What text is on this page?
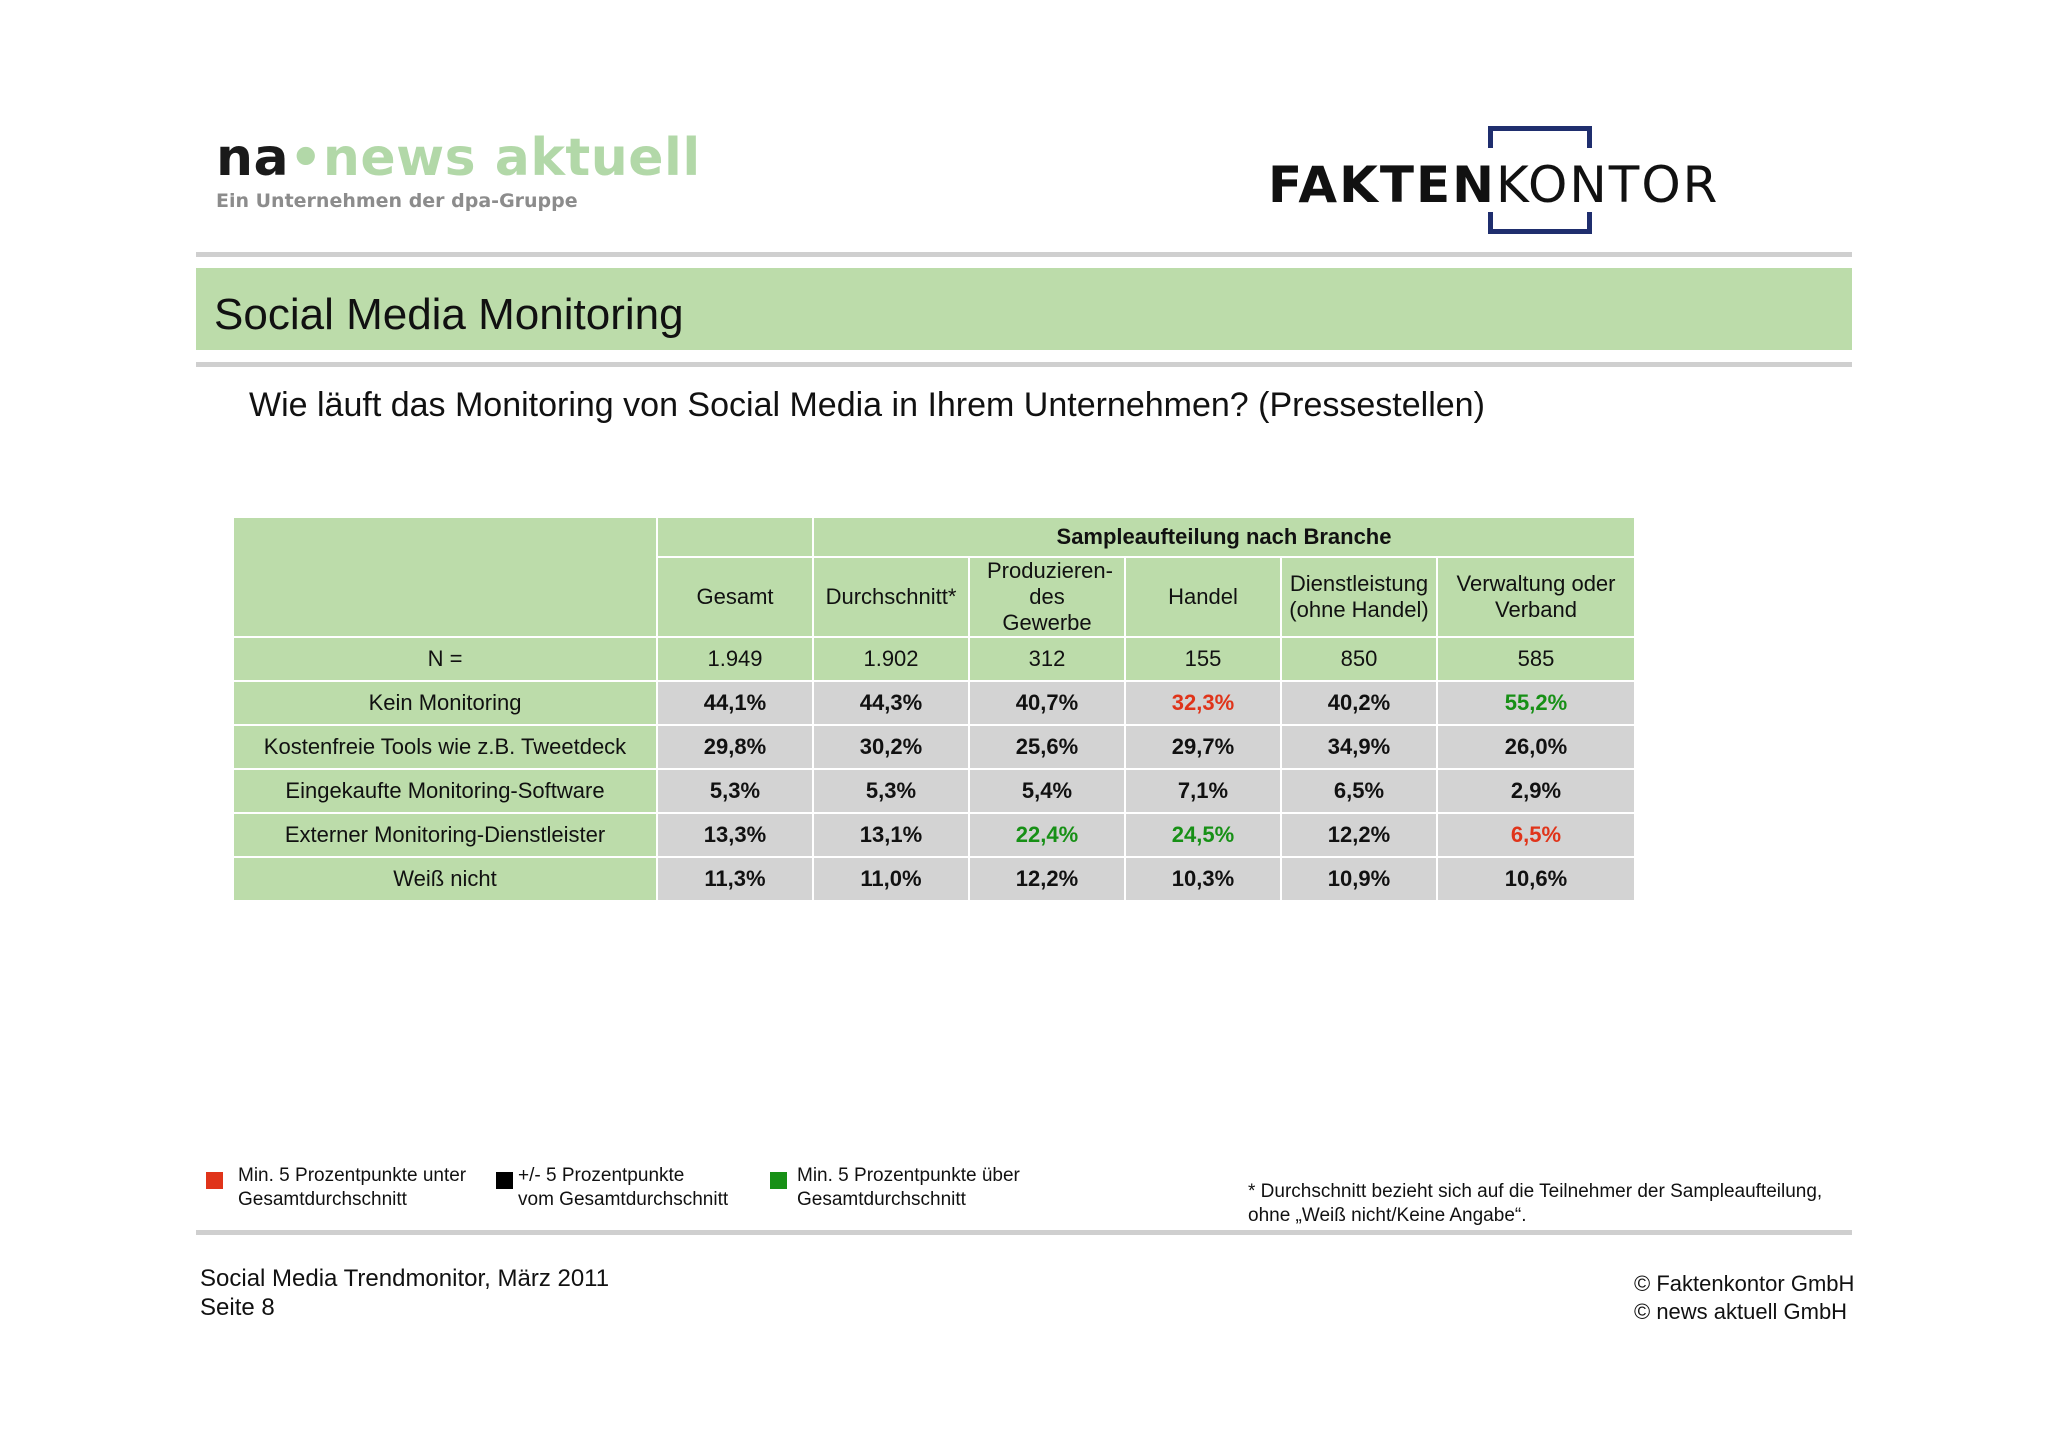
na•news aktuell
Ein Unternehmen der dpa-Gruppe	FAKTENKONTOR
Social Media Monitoring
Wie läuft das Monitoring von Social Media in Ihrem Unternehmen? (Pressestellen)
		Sampleaufteilung nach Branche				
	Gesamt	Durchschnitt*	Produzieren-des Gewerbe	Handel	Dienstleistung (ohne Handel)	Verwaltung oder Verband
N =	1.949	1.902	312	155	850	585
Kein Monitoring	44,1%	44,3%	40,7%	32,3%	40,2%	55,2%
Kostenfreie Tools wie z.B. Tweetdeck	29,8%	30,2%	25,6%	29,7%	34,9%	26,0%
Eingekaufte Monitoring-Software	5,3%	5,3%	5,4%	7,1%	6,5%	2,9%
Externer Monitoring-Dienstleister	13,3%	13,1%	22,4%	24,5%	12,2%	6,5%
Weiß nicht	11,3%	11,0%	12,2%	10,3%	10,9%	10,6%
Min. 5 Prozentpunkte unter
Gesamtdurchschnitt
+/- 5 Prozentpunkte
vom Gesamtdurchschnitt
Min. 5 Prozentpunkte über
Gesamtdurchschnitt	* Durchschnitt bezieht sich auf die Teilnehmer der Sampleaufteilung,
ohne „Weiß nicht/Keine Angabe“.
Social Media Trendmonitor, März 2011
Seite 8
© Faktenkontor GmbH
© news aktuell GmbH
